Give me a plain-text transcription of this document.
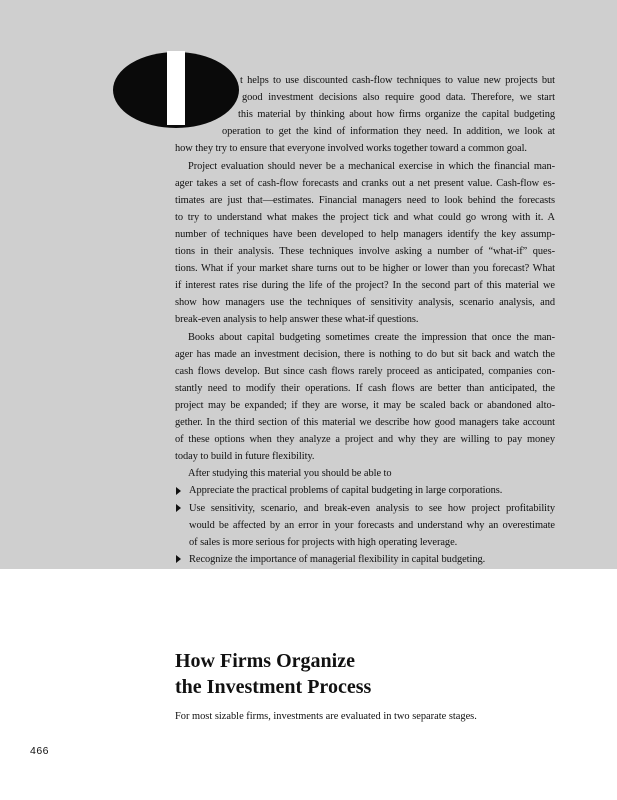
t helps to use discounted cash-flow techniques to value new projects but
good investment decisions also require good data. Therefore, we start
this material by thinking about how firms organize the capital budgeting
operation to get the kind of information they need. In addition, we look at
how they try to ensure that everyone involved works together toward a common goal.
Project evaluation should never be a mechanical exercise in which the financial man-
ager takes a set of cash-flow forecasts and cranks out a net present value. Cash-flow es-
timates are just that—estimates. Financial managers need to look behind the forecasts
to try to understand what makes the project tick and what could go wrong with it. A
number of techniques have been developed to help managers identify the key assump-
tions in their analysis. These techniques involve asking a number of “what-if” ques-
tions. What if your market share turns out to be higher or lower than you forecast? What
if interest rates rise during the life of the project? In the second part of this material we
show how managers use the techniques of sensitivity analysis, scenario analysis, and
break-even analysis to help answer these what-if questions.
Books about capital budgeting sometimes create the impression that once the man-
ager has made an investment decision, there is nothing to do but sit back and watch the
cash flows develop. But since cash flows rarely proceed as anticipated, companies con-
stantly need to modify their operations. If cash flows are better than anticipated, the
project may be expanded; if they are worse, it may be scaled back or abandoned alto-
gether. In the third section of this material we describe how good managers take account
of these options when they analyze a project and why they are willing to pay money
today to build in future flexibility.
After studying this material you should be able to
Appreciate the practical problems of capital budgeting in large corporations.
Use sensitivity, scenario, and break-even analysis to see how project profitability
would be affected by an error in your forecasts and understand why an overestimate
of sales is more serious for projects with high operating leverage.
Recognize the importance of managerial flexibility in capital budgeting.
How Firms Organize
the Investment Process
For most sizable firms, investments are evaluated in two separate stages.
466
